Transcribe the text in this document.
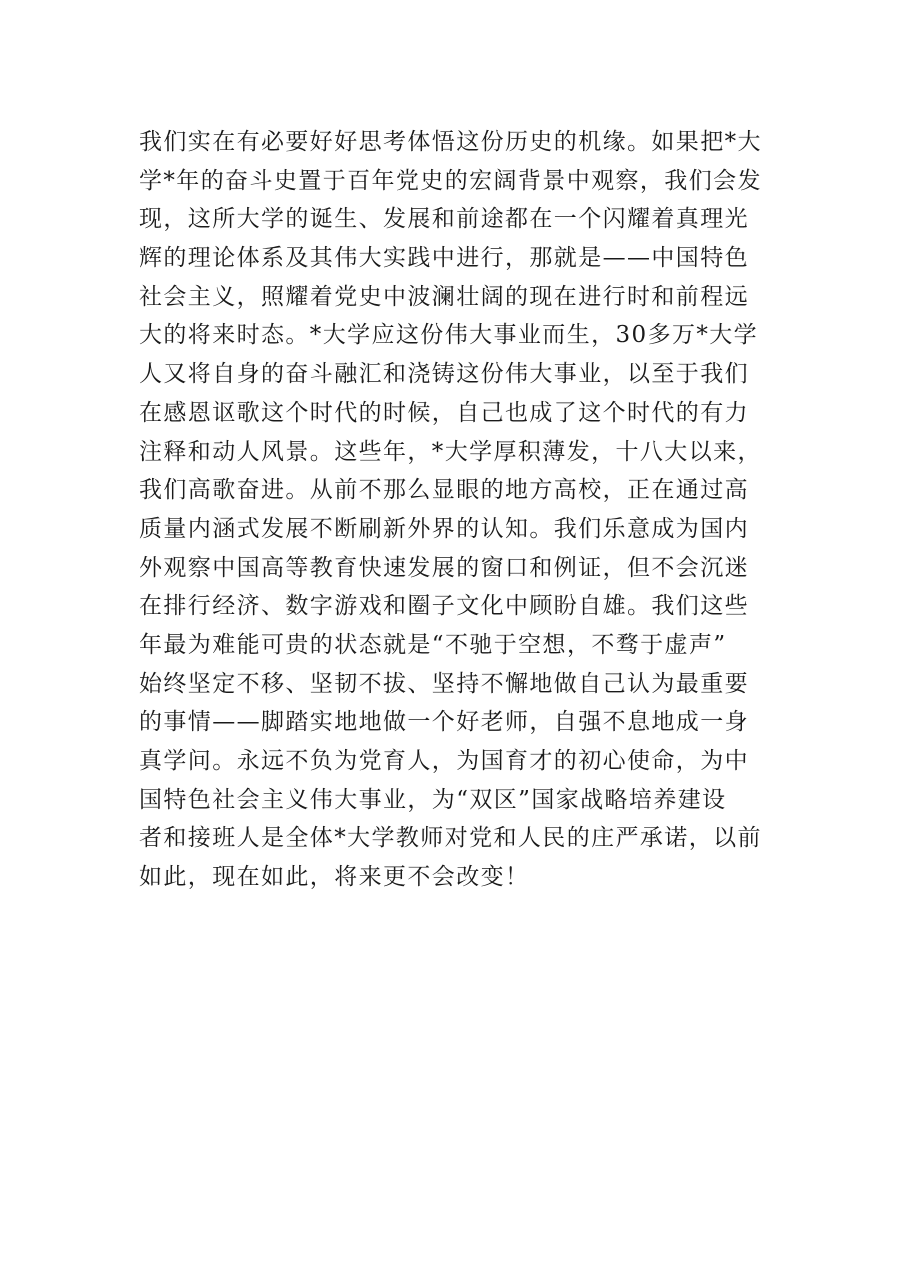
我们实在有必要好好思考体悟这份历史的机缘。如果把*大
学*年的奋斗史置于百年党史的宏阔背景中观察，我们会发
现，这所大学的诞生、发展和前途都在一个闪耀着真理光
辉的理论体系及其伟大实践中进行，那就是——中国特色
社会主义，照耀着党史中波澜壮阔的现在进行时和前程远
大的将来时态。*大学应这份伟大事业而生，30多万*大学
人又将自身的奋斗融汇和浇铸这份伟大事业，以至于我们
在感恩讴歌这个时代的时候，自己也成了这个时代的有力
注释和动人风景。这些年，*大学厚积薄发，十八大以来，
我们高歌奋进。从前不那么显眼的地方高校，正在通过高
质量内涵式发展不断刷新外界的认知。我们乐意成为国内
外观察中国高等教育快速发展的窗口和例证，但不会沉迷
在排行经济、数字游戏和圈子文化中顾盼自雄。我们这些
年最为难能可贵的状态就是“不驰于空想，不骛于虚声”
始终坚定不移、坚韧不拔、坚持不懈地做自己认为最重要
的事情——脚踏实地地做一个好老师，自强不息地成一身
真学问。永远不负为党育人，为国育才的初心使命，为中
国特色社会主义伟大事业，为“双区”国家战略培养建设
者和接班人是全体*大学教师对党和人民的庄严承诺，以前
如此，现在如此，将来更不会改变！
